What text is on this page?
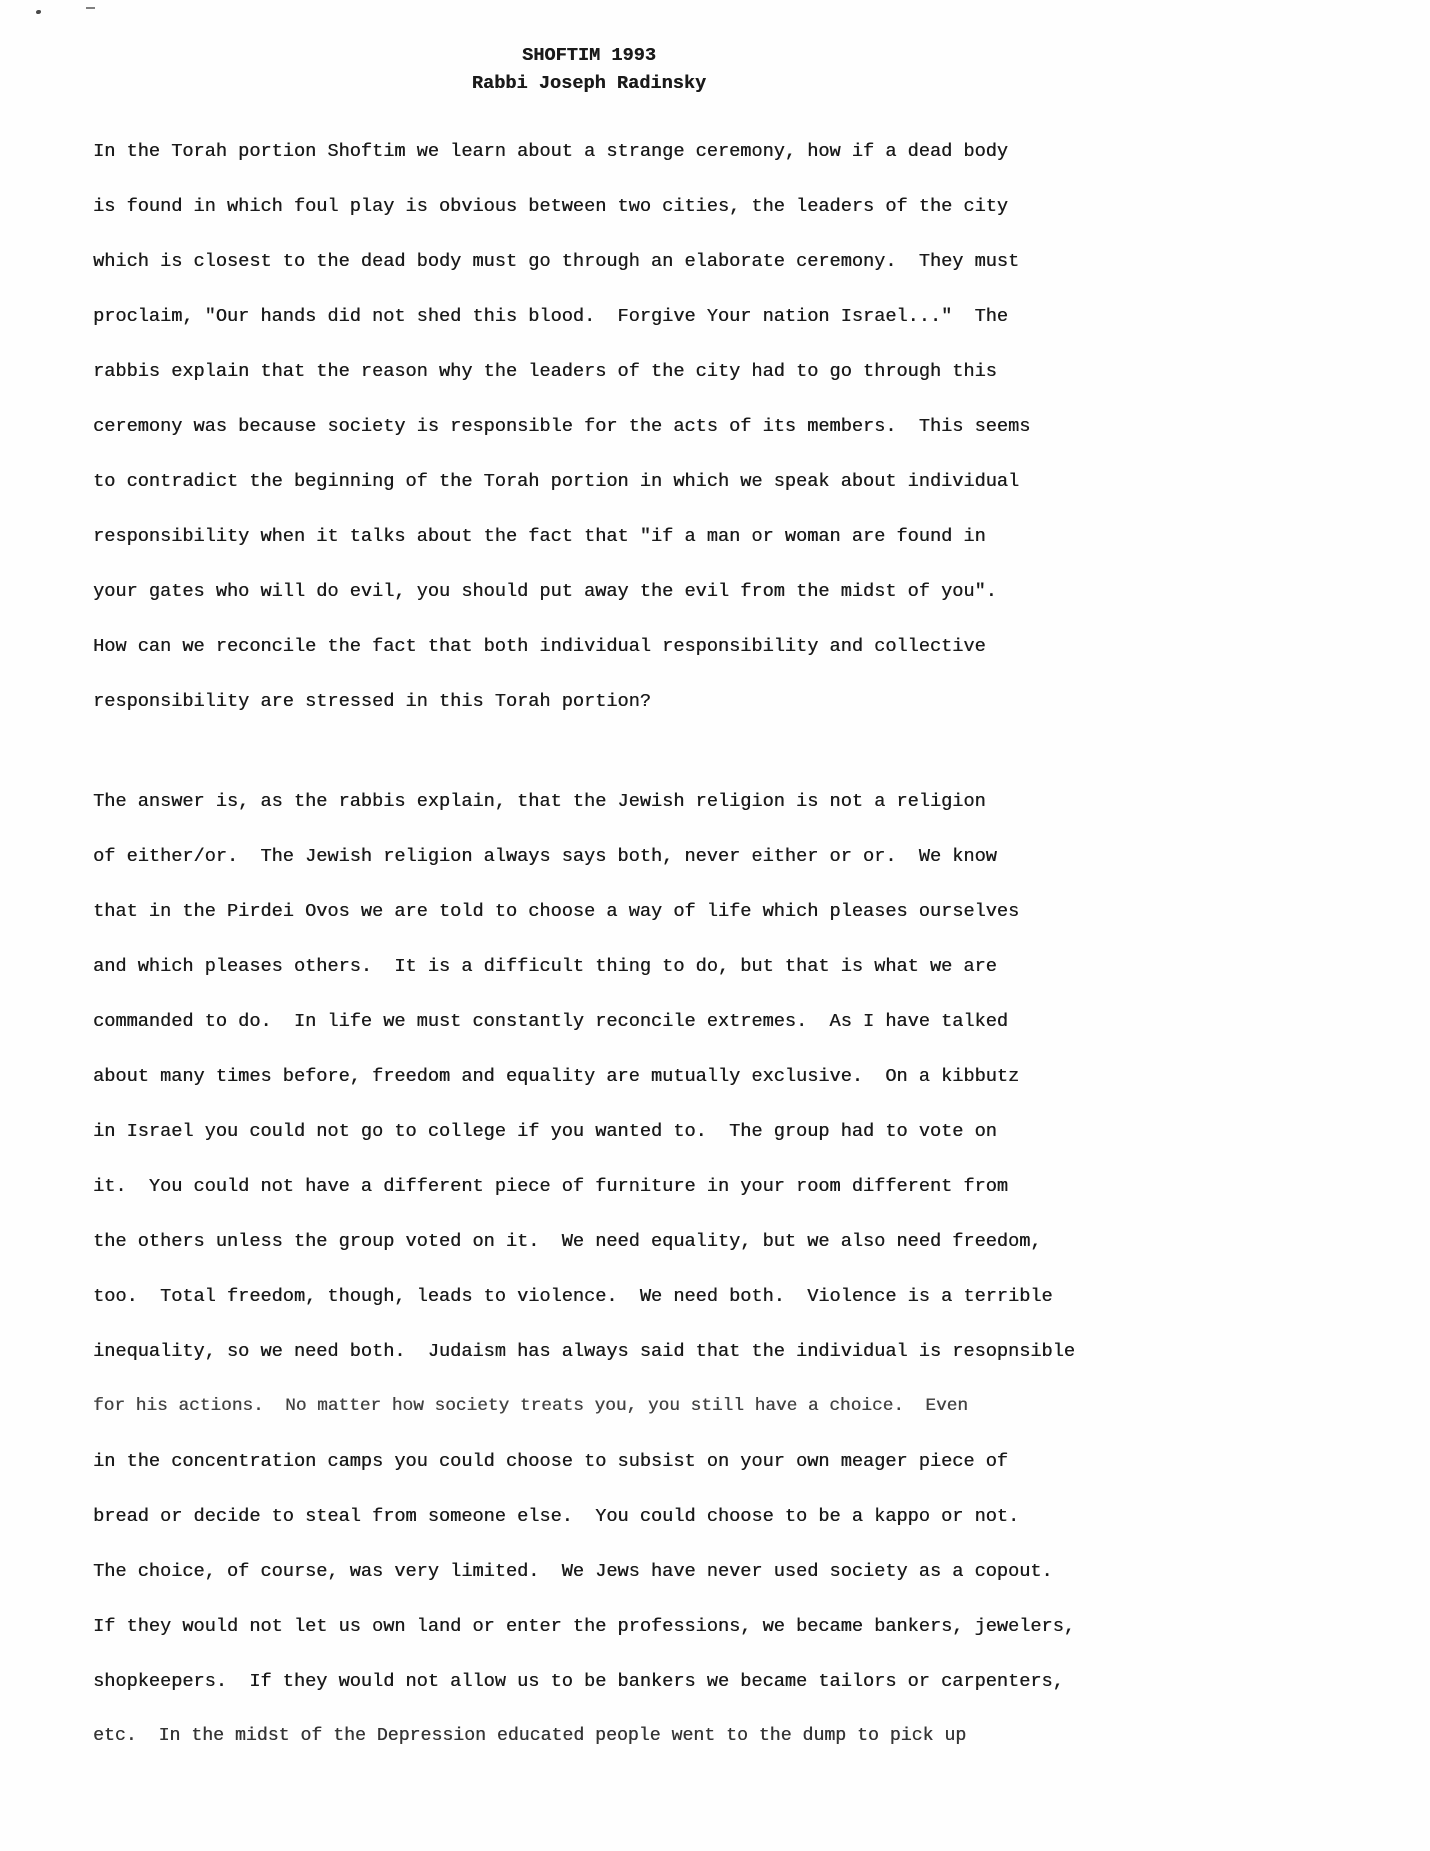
SHOFTIM 1993
Rabbi Joseph Radinsky
In the Torah portion Shoftim we learn about a strange ceremony, how if a dead body
is found in which foul play is obvious between two cities, the leaders of the city
which is closest to the dead body must go through an elaborate ceremony.  They must
proclaim, "Our hands did not shed this blood.  Forgive Your nation Israel..."  The
rabbis explain that the reason why the leaders of the city had to go through this
ceremony was because society is responsible for the acts of its members.  This seems
to contradict the beginning of the Torah portion in which we speak about individual
responsibility when it talks about the fact that "if a man or woman are found in
your gates who will do evil, you should put away the evil from the midst of you".
How can we reconcile the fact that both individual responsibility and collective
responsibility are stressed in this Torah portion?
The answer is, as the rabbis explain, that the Jewish religion is not a religion
of either/or.  The Jewish religion always says both, never either or or.  We know
that in the Pirdei Ovos we are told to choose a way of life which pleases ourselves
and which pleases others.  It is a difficult thing to do, but that is what we are
commanded to do.  In life we must constantly reconcile extremes.  As I have talked
about many times before, freedom and equality are mutually exclusive.  On a kibbutz
in Israel you could not go to college if you wanted to.  The group had to vote on
it.  You could not have a different piece of furniture in your room different from
the others unless the group voted on it.  We need equality, but we also need freedom,
too.  Total freedom, though, leads to violence.  We need both.  Violence is a terrible
inequality, so we need both.  Judaism has always said that the individual is resopnsible
for his actions.  No matter how society treats you, you still have a choice.  Even
in the concentration camps you could choose to subsist on your own meager piece of
bread or decide to steal from someone else.  You could choose to be a kappo or not.
The choice, of course, was very limited.  We Jews have never used society as a copout.
If they would not let us own land or enter the professions, we became bankers, jewelers,
shopkeepers.  If they would not allow us to be bankers we became tailors or carpenters,
etc.  In the midst of the Depression educated people went to the dump to pick up
